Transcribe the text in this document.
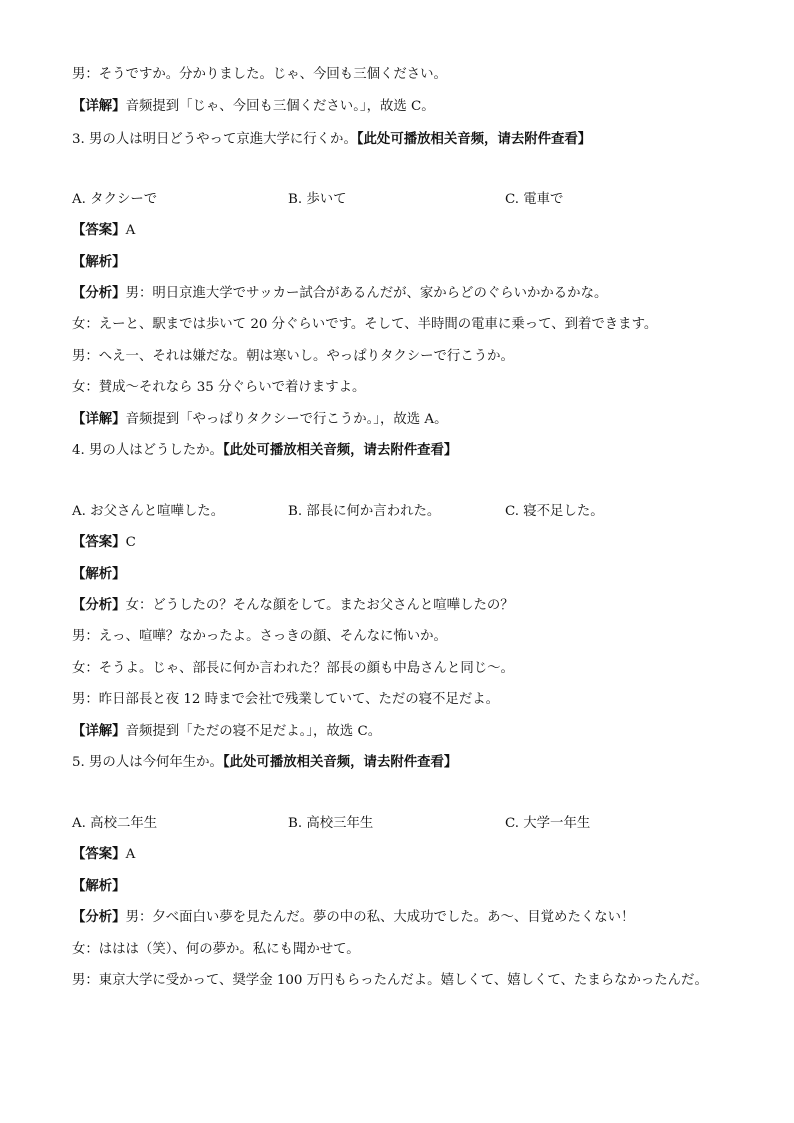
男：そうですか。分かりました。じゃ、今回も三個ください。
【详解】音频提到「じゃ、今回も三個ください。」，故选 C。
3. 男の人は明日どうやって京進大学に行くか。【此处可播放相关音频，请去附件查看】
A. タクシーで	B. 歩いて	C. 電車で
【答案】A
【解析】
【分析】男：明日京進大学でサッカー試合があるんだが、家からどのぐらいかかるかな。
女：えーと、駅までは歩いて 20 分ぐらいです。そして、半時間の電車に乗って、到着できます。
男：へえ一、それは嫌だな。朝は寒いし。やっぱりタクシーで行こうか。
女：賛成～それなら 35 分ぐらいで着けますよ。
【详解】音频提到「やっぱりタクシーで行こうか。」，故选 A。
4. 男の人はどうしたか。【此处可播放相关音频，请去附件查看】
A. お父さんと喧嘩した。	B. 部長に何か言われた。	C. 寝不足した。
【答案】C
【解析】
【分析】女：どうしたの？そんな顔をして。またお父さんと喧嘩したの？
男：えっ、喧嘩？なかったよ。さっきの顔、そんなに怖いか。
女：そうよ。じゃ、部長に何か言われた？部長の顔も中島さんと同じ～。
男：昨日部長と夜 12 時まで会社で残業していて、ただの寝不足だよ。
【详解】音频提到「ただの寝不足だよ。」，故选 C。
5. 男の人は今何年生か。【此处可播放相关音频，请去附件查看】
A. 高校二年生	B. 高校三年生	C. 大学一年生
【答案】A
【解析】
【分析】男：夕べ面白い夢を見たんだ。夢の中の私、大成功でした。あ～、目覚めたくない！
女：ははは（笑）、何の夢か。私にも聞かせて。
男：東京大学に受かって、奨学金 100 万円もらったんだよ。嬉しくて、嬉しくて、たまらなかったんだ。
